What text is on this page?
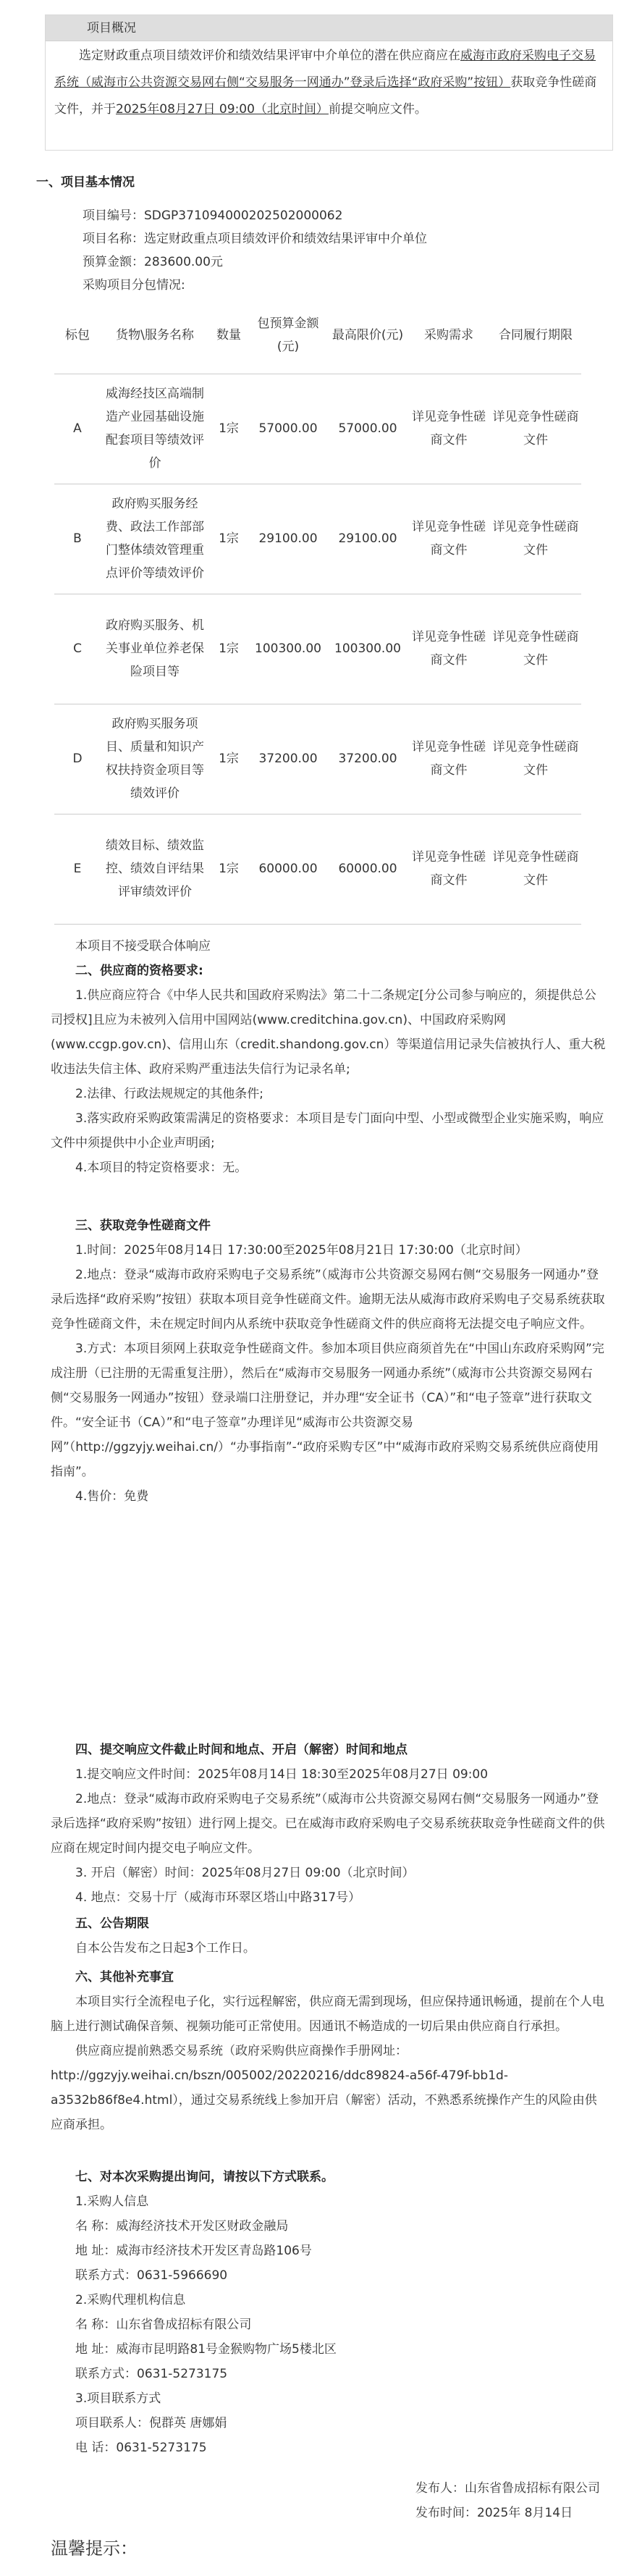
项目概况
选定财政重点项目绩效评价和绩效结果评审中介单位的潜在供应商应在威海市政府采购电子交易系统（威海市公共资源交易网右侧“交易服务一网通办”登录后选择“政府采购”按钮）获取竞争性磋商文件，并于2025年08月27日 09:00（北京时间）前提交响应文件。
一、项目基本情况
项目编号：SDGP371094000202502000062
项目名称：选定财政重点项目绩效评价和绩效结果评审中介单位
预算金额：283600.00元
采购项目分包情况:
标包	货物\服务名称	数量	包预算金额(元)	最高限价(元)	采购需求	合同履行期限
A	威海经技区高端制造产业园基础设施配套项目等绩效评价	1宗	57000.00	57000.00	详见竞争性磋商文件	详见竞争性磋商文件
B	政府购买服务经费、政法工作部部门整体绩效管理重点评价等绩效评价	1宗	29100.00	29100.00	详见竞争性磋商文件	详见竞争性磋商文件
C	政府购买服务、机关事业单位养老保险项目等	1宗	100300.00	100300.00	详见竞争性磋商文件	详见竞争性磋商文件
D	政府购买服务项目、质量和知识产权扶持资金项目等绩效评价	1宗	37200.00	37200.00	详见竞争性磋商文件	详见竞争性磋商文件
E	绩效目标、绩效监控、绩效自评结果评审绩效评价	1宗	60000.00	60000.00	详见竞争性磋商文件	详见竞争性磋商文件
本项目不接受联合体响应
二、供应商的资格要求:
1.供应商应符合《中华人民共和国政府采购法》第二十二条规定[分公司参与响应的，须提供总公司授权]且应为未被列入信用中国网站(www.creditchina.gov.cn)、中国政府采购网(www.ccgp.gov.cn)、信用山东（credit.shandong.gov.cn）等渠道信用记录失信被执行人、重大税收违法失信主体、政府采购严重违法失信行为记录名单;
2.法律、行政法规规定的其他条件;
3.落实政府采购政策需满足的资格要求：本项目是专门面向中型、小型或微型企业实施采购，响应文件中须提供中小企业声明函;
4.本项目的特定资格要求：无。
三、获取竞争性磋商文件
1.时间：2025年08月14日 17:30:00至2025年08月21日 17:30:00（北京时间）
2.地点：登录“威海市政府采购电子交易系统”（威海市公共资源交易网右侧“交易服务一网通办”登录后选择“政府采购”按钮）获取本项目竞争性磋商文件。逾期无法从威海市政府采购电子交易系统获取竞争性磋商文件，未在规定时间内从系统中获取竞争性磋商文件的供应商将无法提交电子响应文件。
3.方式：本项目须网上获取竞争性磋商文件。参加本项目供应商须首先在“中国山东政府采购网”完成注册（已注册的无需重复注册），然后在“威海市交易服务一网通办系统”（威海市公共资源交易网右侧“交易服务一网通办”按钮）登录端口注册登记，并办理“安全证书（CA）”和“电子签章”进行获取文件。“安全证书（CA）”和“电子签章”办理详见“威海市公共资源交易网”（http://ggzyjy.weihai.cn/）“办事指南”-“政府采购专区”中“威海市政府采购交易系统供应商使用指南”。
4.售价：免费
四、提交响应文件截止时间和地点、开启（解密）时间和地点
1.提交响应文件时间：2025年08月14日 18:30至2025年08月27日 09:00
2.地点：登录“威海市政府采购电子交易系统”（威海市公共资源交易网右侧“交易服务一网通办”登录后选择“政府采购”按钮）进行网上提交。已在威海市政府采购电子交易系统获取竞争性磋商文件的供应商在规定时间内提交电子响应文件。
3. 开启（解密）时间：2025年08月27日 09:00（北京时间）
4. 地点：交易十厅（威海市环翠区塔山中路317号）
五、公告期限
自本公告发布之日起3个工作日。
六、其他补充事宜
本项目实行全流程电子化，实行远程解密，供应商无需到现场，但应保持通讯畅通，提前在个人电脑上进行测试确保音频、视频功能可正常使用。因通讯不畅造成的一切后果由供应商自行承担。
供应商应提前熟悉交易系统（政府采购供应商操作手册网址：http://ggzyjy.weihai.cn/bszn/005002/20220216/ddc89824-a56f-479f-bb1d-a3532b86f8e4.html），通过交易系统线上参加开启（解密）活动，不熟悉系统操作产生的风险由供应商承担。
七、对本次采购提出询问，请按以下方式联系。
1.采购人信息
名 称：威海经济技术开发区财政金融局
地 址：威海市经济技术开发区青岛路106号
联系方式：0631-5966690
2.采购代理机构信息
名 称：山东省鲁成招标有限公司
地 址：威海市昆明路81号金猴购物广场5楼北区
联系方式：0631-5273175
3.项目联系方式
项目联系人：倪群英 唐娜娟
电 话：0631-5273175
发布人：山东省鲁成招标有限公司
发布时间：2025年 8月14日
温馨提示：
